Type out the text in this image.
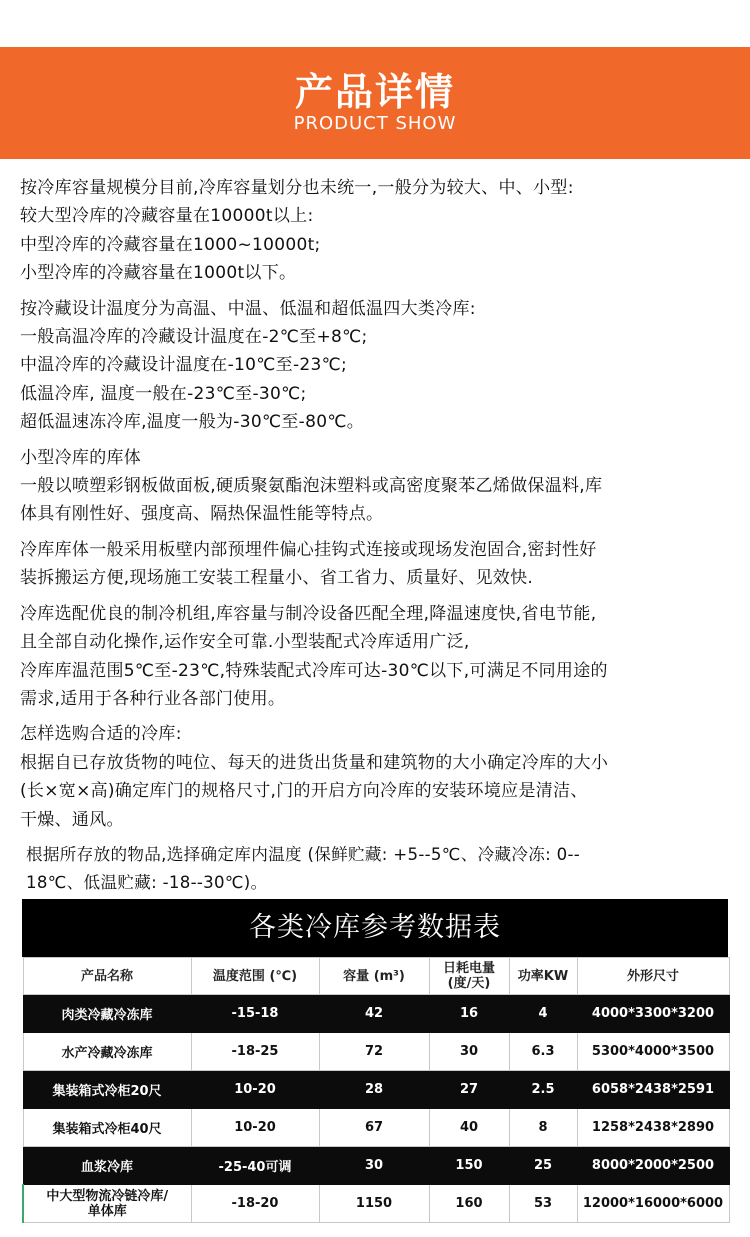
产品详情
PRODUCT SHOW
按冷库容量规模分目前,冷库容量划分也未统一,一般分为较大、中、小型:
较大型冷库的冷藏容量在10000t以上:
中型冷库的冷藏容量在1000~10000t;
小型冷库的冷藏容量在1000t以下。
按冷藏设计温度分为高温、中温、低温和超低温四大类冷库:
一般高温冷库的冷藏设计温度在-2℃至+8℃;
中温冷库的冷藏设计温度在-10℃至-23℃;
低温冷库, 温度一般在-23℃至-30℃;
超低温速冻冷库,温度一般为-30℃至-80℃。
小型冷库的库体
一般以喷塑彩钢板做面板,硬质聚氨酯泡沫塑料或高密度聚苯乙烯做保温料,库
体具有刚性好、强度高、隔热保温性能等特点。
冷库库体一般采用板壁内部预埋件偏心挂钩式连接或现场发泡固合,密封性好
装拆搬运方便,现场施工安装工程量小、省工省力、质量好、见效快.
冷库选配优良的制冷机组,库容量与制冷设备匹配全理,降温速度快,省电节能,
且全部自动化操作,运作安全可靠.小型装配式冷库适用广泛,
冷库库温范围5℃至-23℃,特殊装配式冷库可达-30℃以下,可满足不同用途的
需求,适用于各种行业各部门使用。
怎样选购合适的冷库:
根据自已存放货物的吨位、每天的进货出货量和建筑物的大小确定冷库的大小
(长×宽×高)确定库门的规格尺寸,门的开启方向冷库的安装环境应是清洁、
干燥、通风。
根据所存放的物品,选择确定库内温度 (保鲜贮藏: +5--5℃、冷藏冷冻: 0--
18℃、低温贮藏: -18--30℃)。
各类冷库参考数据表
产品名称	温度范围 (℃)	容量 (m³)	日耗电量
(度/天)	功率KW	外形尺寸
肉类冷藏冷冻库	-15-18	42	16	4	4000*3300*3200
水产冷藏冷冻库	-18-25	72	30	6.3	5300*4000*3500
集装箱式冷柜20尺	10-20	28	27	2.5	6058*2438*2591
集装箱式冷柜40尺	10-20	67	40	8	1258*2438*2890
血浆冷库	-25-40可调	30	150	25	8000*2000*2500
中大型物流冷链冷库/
单体库	-18-20	1150	160	53	12000*16000*6000
